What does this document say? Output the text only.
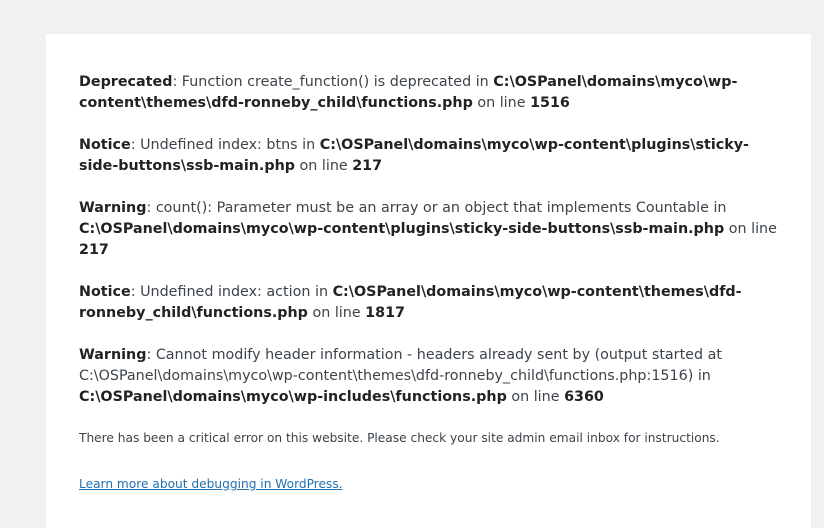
Deprecated: Function create_function() is deprecated in C:\OSPanel\domains\myco\wp-content\themes\dfd-ronneby_child\functions.php on line 1516

Notice: Undefined index: btns in C:\OSPanel\domains\myco\wp-content\plugins\sticky-side-buttons\ssb-main.php on line 217

Warning: count(): Parameter must be an array or an object that implements Countable in C:\OSPanel\domains\myco\wp-content\plugins\sticky-side-buttons\ssb-main.php on line 217

Notice: Undefined index: action in C:\OSPanel\domains\myco\wp-content\themes\dfd-ronneby_child\functions.php on line 1817

Warning: Cannot modify header information - headers already sent by (output started at C:\OSPanel\domains\myco\wp-content\themes\dfd-ronneby_child\functions.php:1516) in C:\OSPanel\domains\myco\wp-includes\functions.php on line 6360

There has been a critical error on this website. Please check your site admin email inbox for instructions.

Learn more about debugging in WordPress.
